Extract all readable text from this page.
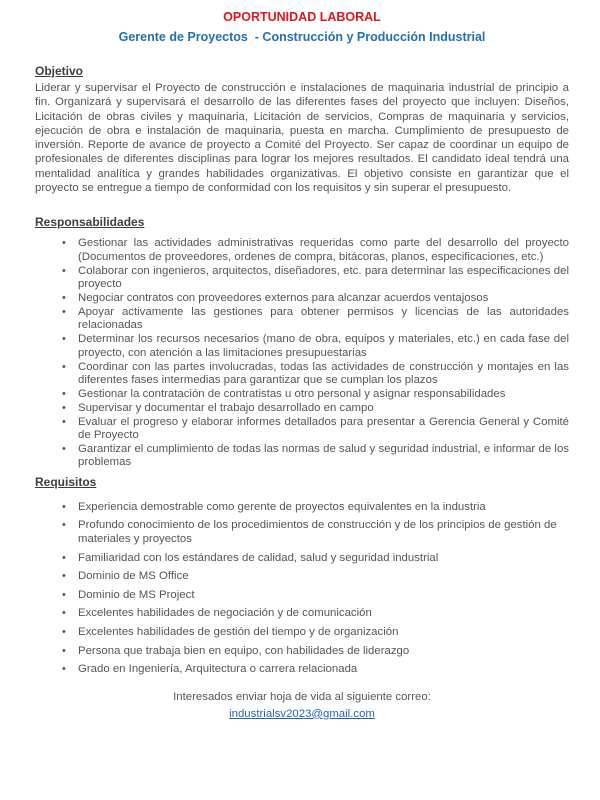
OPORTUNIDAD LABORAL
Gerente de Proyectos  - Construcción y Producción Industrial
Objetivo

Liderar y supervisar el Proyecto de construcción e instalaciones de maquinaria industrial de principio a fin. Organizará y supervisará el desarrollo de las diferentes fases del proyecto que incluyen: Diseños, Licitación de obras civiles y maquinaria, Licitación de servicios, Compras de maquinaria y servicios, ejecución de obra e instalación de maquinaria, puesta en marcha. Cumplimiento de presupuesto de inversión. Reporte de avance de proyecto a Comité del Proyecto. Ser capaz de coordinar un equipo de profesionales de diferentes disciplinas para lograr los mejores resultados. El candidato ideal tendrá una mentalidad analítica y grandes habilidades organizativas. El objetivo consiste en garantizar que el proyecto se entregue a tiempo de conformidad con los requisitos y sin superar el presupuesto.

Responsabilidades
• Gestionar las actividades administrativas requeridas como parte del desarrollo del proyecto (Documentos de proveedores, ordenes de compra, bitácoras, planos, especificaciones, etc.)
• Colaborar con ingenieros, arquitectos, diseñadores, etc. para determinar las especificaciones del proyecto
• Negociar contratos con proveedores externos para alcanzar acuerdos ventajosos
• Apoyar activamente las gestiones para obtener permisos y licencias de las autoridades relacionadas
• Determinar los recursos necesarios (mano de obra, equipos y materiales, etc.) en cada fase del proyecto, con atención a las limitaciones presupuestarias
• Coordinar con las partes involucradas, todas las actividades de construcción y montajes en las diferentes fases intermedias para garantizar que se cumplan los plazos
• Gestionar la contratación de contratistas u otro personal y asignar responsabilidades
• Supervisar y documentar el trabajo desarrollado en campo
• Evaluar el progreso y elaborar informes detallados para presentar a Gerencia General y Comité de Proyecto
• Garantizar el cumplimiento de todas las normas de salud y seguridad industrial, e informar de los problemas
Requisitos
• Experiencia demostrable como gerente de proyectos equivalentes en la industria
• Profundo conocimiento de los procedimientos de construcción y de los principios de gestión de materiales y proyectos
• Familiaridad con los estándares de calidad, salud y seguridad industrial
• Dominio de MS Office
• Dominio de MS Project
• Excelentes habilidades de negociación y de comunicación
• Excelentes habilidades de gestión del tiempo y de organización
• Persona que trabaja bien en equipo, con habilidades de liderazgo
• Grado en Ingeniería, Arquitectura o carrera relacionada

Interesados enviar hoja de vida al siguiente correo:

industrialsv2023@gmail.com
